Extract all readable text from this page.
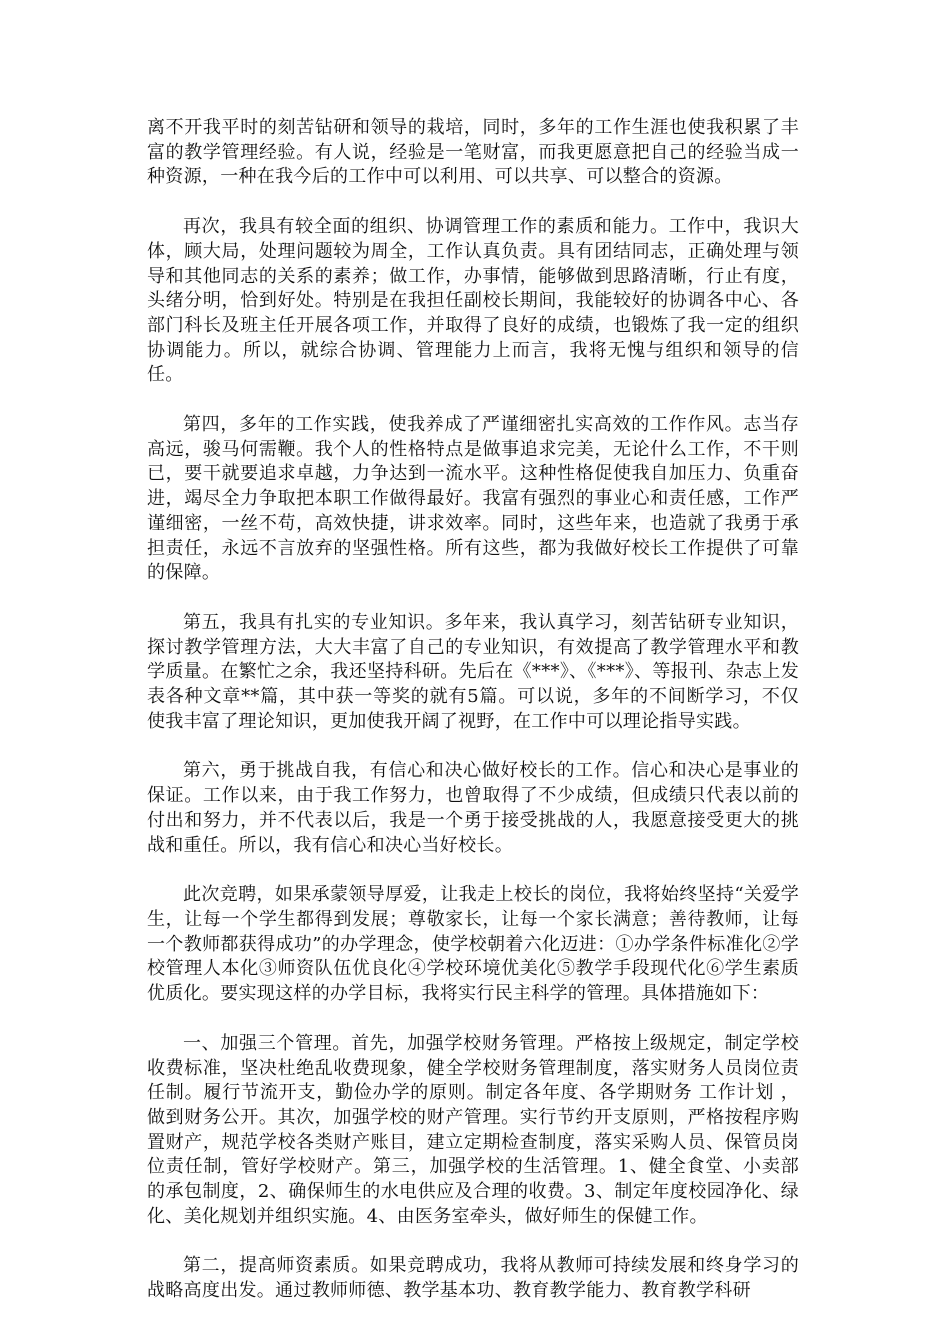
离不开我平时的刻苦钻研和领导的栽培，同时，多年的工作生涯也使我积累了丰富的教学管理经验。有人说，经验是一笔财富，而我更愿意把自己的经验当成一种资源，一种在我今后的工作中可以利用、可以共享、可以整合的资源。

再次，我具有较全面的组织、协调管理工作的素质和能力。工作中，我识大体，顾大局，处理问题较为周全，工作认真负责。具有团结同志，正确处理与领导和其他同志的关系的素养；做工作，办事情，能够做到思路清晰，行止有度，头绪分明，恰到好处。特别是在我担任副校长期间，我能较好的协调各中心、各部门科长及班主任开展各项工作，并取得了良好的成绩，也锻炼了我一定的组织协调能力。所以，就综合协调、管理能力上而言，我将无愧与组织和领导的信任。

第四，多年的工作实践，使我养成了严谨细密扎实高效的工作作风。志当存高远，骏马何需鞭。我个人的性格特点是做事追求完美，无论什么工作，不干则已，要干就要追求卓越，力争达到一流水平。这种性格促使我自加压力、负重奋进，竭尽全力争取把本职工作做得最好。我富有强烈的事业心和责任感，工作严谨细密，一丝不苟，高效快捷，讲求效率。同时，这些年来，也造就了我勇于承担责任，永远不言放弃的坚强性格。所有这些，都为我做好校长工作提供了可靠的保障。

第五，我具有扎实的专业知识。多年来，我认真学习，刻苦钻研专业知识，探讨教学管理方法，大大丰富了自己的专业知识，有效提高了教学管理水平和教学质量。在繁忙之余，我还坚持科研。先后在《***》、《***》、等报刊、杂志上发表各种文章**篇，其中获一等奖的就有5篇。可以说，多年的不间断学习，不仅使我丰富了理论知识，更加使我开阔了视野，在工作中可以理论指导实践。

第六，勇于挑战自我，有信心和决心做好校长的工作。信心和决心是事业的保证。工作以来，由于我工作努力，也曾取得了不少成绩，但成绩只代表以前的付出和努力，并不代表以后，我是一个勇于接受挑战的人，我愿意接受更大的挑战和重任。所以，我有信心和决心当好校长。

此次竞聘，如果承蒙领导厚爱，让我走上校长的岗位，我将始终坚持“关爱学生，让每一个学生都得到发展；尊敬家长，让每一个家长满意；善待教师，让每一个教师都获得成功”的办学理念，使学校朝着六化迈进：①办学条件标准化②学校管理人本化③师资队伍优良化④学校环境优美化⑤教学手段现代化⑥学生素质优质化。要实现这样的办学目标，我将实行民主科学的管理。具体措施如下：

一、加强三个管理。首先，加强学校财务管理。严格按上级规定，制定学校收费标准，坚决杜绝乱收费现象，健全学校财务管理制度，落实财务人员岗位责任制。履行节流开支，勤俭办学的原则。制定各年度、各学期财务 工作计划 ，做到财务公开。其次，加强学校的财产管理。实行节约开支原则，严格按程序购置财产，规范学校各类财产账目，建立定期检查制度，落实采购人员、保管员岗位责任制，管好学校财产。第三，加强学校的生活管理。1、健全食堂、小卖部的承包制度，2、确保师生的水电供应及合理的收费。3、制定年度校园净化、绿化、美化规划并组织实施。4、由医务室牵头，做好师生的保健工作。

第二，提高师资素质。如果竞聘成功，我将从教师可持续发展和终身学习的战略高度出发。通过教师师德、教学基本功、教育教学能力、教育教学科研
